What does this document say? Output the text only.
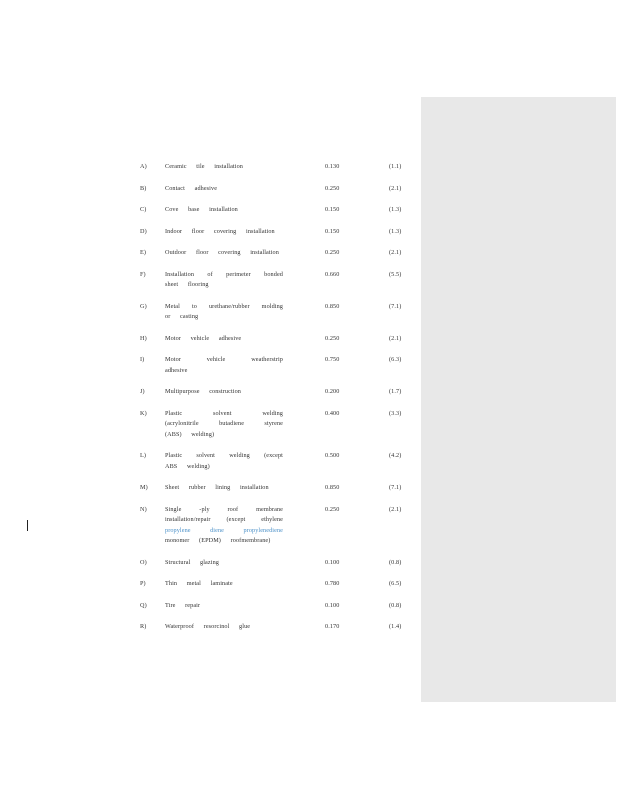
A)	Ceramic tile installation	0.130	(1.1)
B)	Contact adhesive	0.250	(2.1)
C)	Cove base installation	0.150	(1.3)
D)	Indoor floor covering installation	0.150	(1.3)
E)	Outdoor floor covering installation	0.250	(2.1)
F)	Installation of perimeter bonded
sheet flooring
0.660	(5.5)
G)	Metal to urethane/rubber molding
or casting
0.850	(7.1)
H)	Motor vehicle adhesive	0.250	(2.1)
I)	Motor vehicle weatherstrip
adhesive
0.750	(6.3)
J)	Multipurpose construction	0.200	(1.7)
K)	Plastic solvent welding
(acrylonitrile butadiene styrene
(ABS) welding)
0.400	(3.3)
L)	Plastic solvent welding (except
ABS welding)
0.500	(4.2)
M)	Sheet rubber lining installation	0.850	(7.1)
N)	Single -ply roof membrane
installation/repair (except ethylene
propylene diene propylenediene
monomer (EPDM) roofmembrane)
0.250	(2.1)
O)	Structural glazing	0.100	(0.8)
P)	Thin metal laminate	0.780	(6.5)
Q)	Tire repair	0.100	(0.8)
R)	Waterproof resorcinol glue	0.170	(1.4)
